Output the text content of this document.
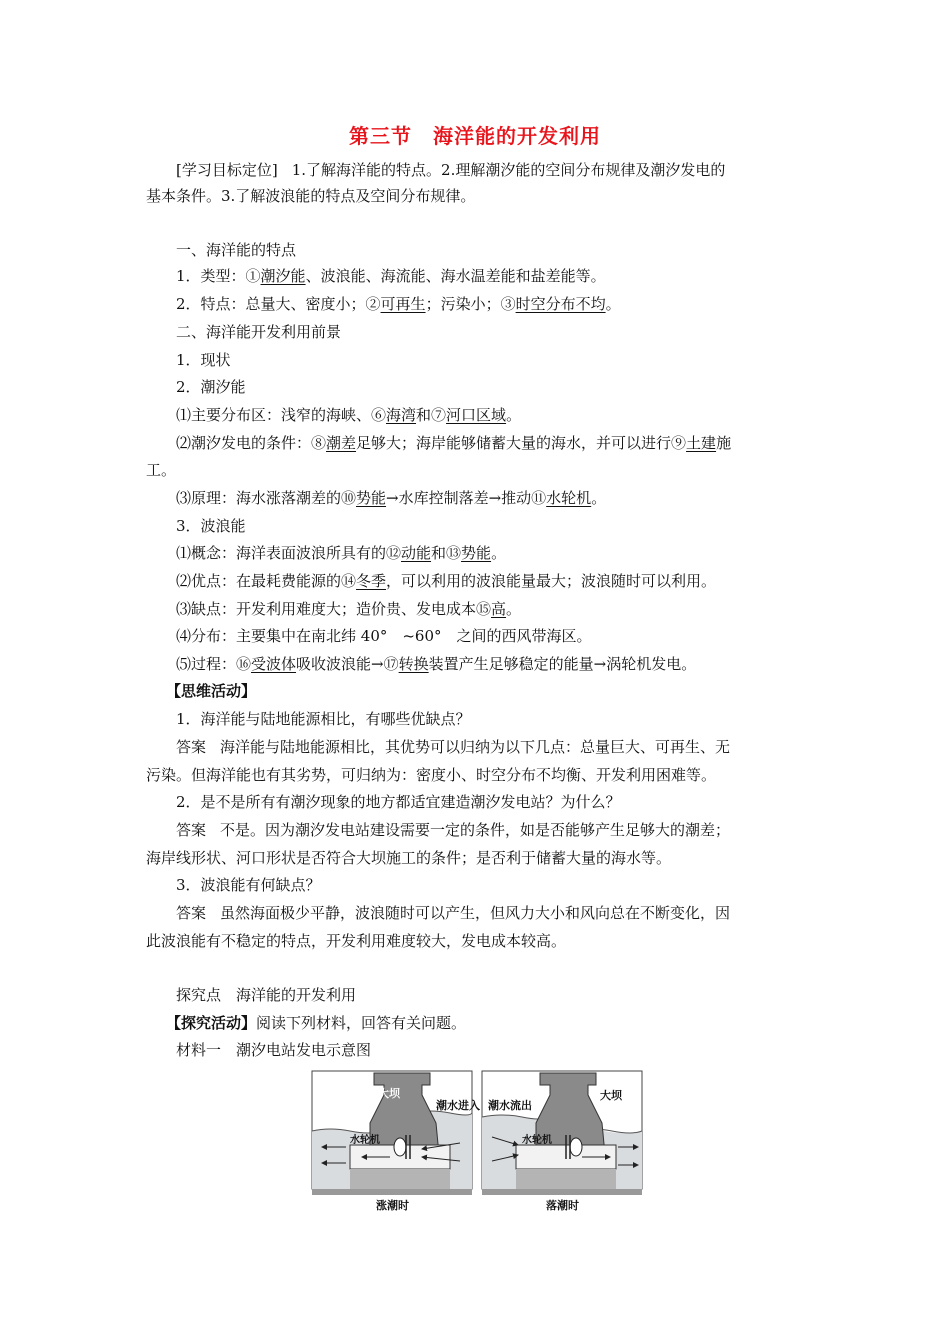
第三节　海洋能的开发利用
[学习目标定位] 1.了解海洋能的特点。2.理解潮汐能的空间分布规律及潮汐发电的
基本条件。3.了解波浪能的特点及空间分布规律。
一、海洋能的特点
1．类型：①潮汐能、波浪能、海流能、海水温差能和盐差能等。
2．特点：总量大、密度小；②可再生；污染小；③时空分布不均。
二、海洋能开发利用前景
1．现状
2．潮汐能
⑴主要分布区：浅窄的海峡、⑥海湾和⑦河口区域。
⑵潮汐发电的条件：⑧潮差足够大；海岸能够储蓄大量的海水，并可以进行⑨土建施
工。
⑶原理：海水涨落潮差的⑩势能→水库控制落差→推动⑪水轮机。
3．波浪能
⑴概念：海洋表面波浪所具有的⑫动能和⑬势能。
⑵优点：在最耗费能源的⑭冬季，可以利用的波浪能量最大；波浪随时可以利用。
⑶缺点：开发利用难度大；造价贵、发电成本⑮高。
⑷分布：主要集中在南北纬 40°　~60°　之间的西风带海区。
⑸过程：⑯受波体吸收波浪能→⑰转换装置产生足够稳定的能量→涡轮机发电。
【思维活动】
1．海洋能与陆地能源相比，有哪些优缺点？
答案 海洋能与陆地能源相比，其优势可以归纳为以下几点：总量巨大、可再生、无
污染。但海洋能也有其劣势，可归纳为：密度小、时空分布不均衡、开发利用困难等。
2．是不是所有有潮汐现象的地方都适宜建造潮汐发电站？为什么？
答案 不是。因为潮汐发电站建设需要一定的条件，如是否能够产生足够大的潮差；
海岸线形状、河口形状是否符合大坝施工的条件；是否利于储蓄大量的海水等。
3．波浪能有何缺点？
答案 虽然海面极少平静，波浪随时可以产生，但风力大小和风向总在不断变化，因
此波浪能有不稳定的特点，开发利用难度较大，发电成本较高。
探究点　海洋能的开发利用
【探究活动】阅读下列材料，回答有关问题。
材料一　潮汐电站发电示意图
大坝
潮水进入
水轮机
涨潮时
大坝
潮水流出
水轮机
落潮时
